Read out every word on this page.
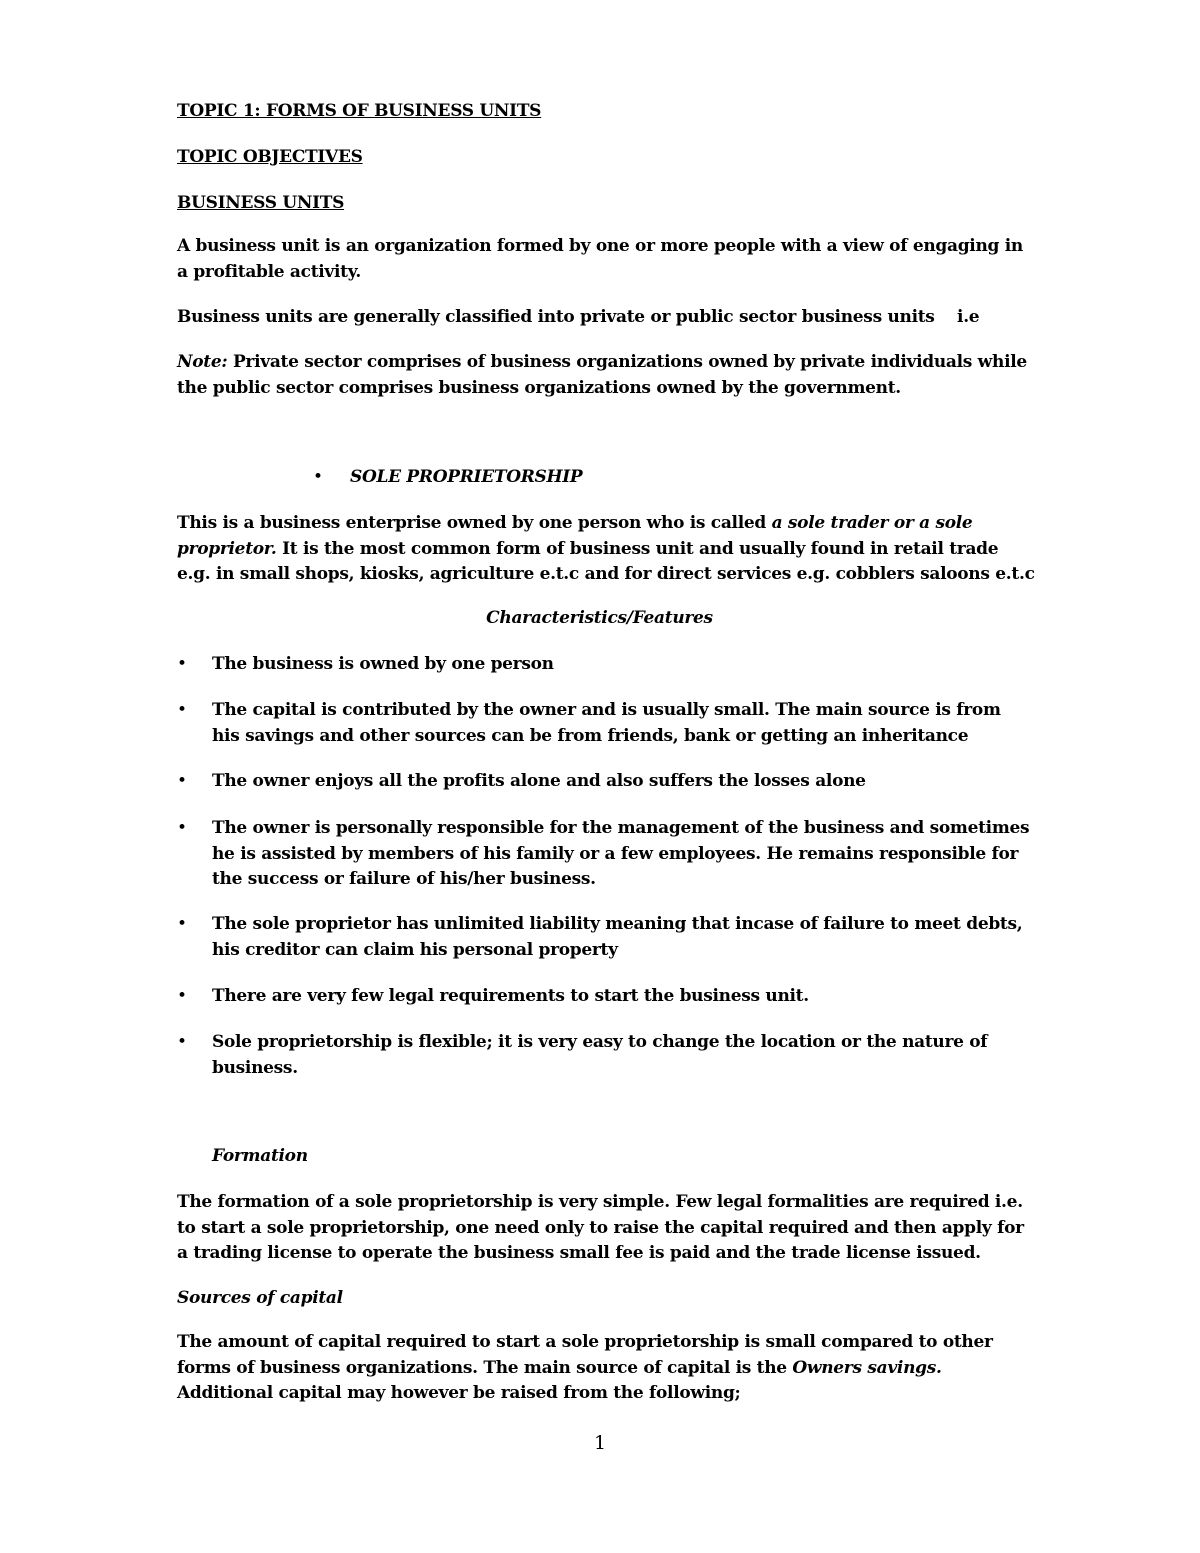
TOPIC 1: FORMS OF BUSINESS UNITS
TOPIC OBJECTIVES
BUSINESS UNITS
A business unit is an organization formed by one or more people with a view of engaging in a profitable activity.
Business units are generally classified into private or public sector business units    i.e
Note: Private sector comprises of business organizations owned by private individuals while the public sector comprises business organizations owned by the government.
• SOLE PROPRIETORSHIP
This is a business enterprise owned by one person who is called a sole trader or a sole proprietor. It is the most common form of business unit and usually found in retail trade e.g. in small shops, kiosks, agriculture e.t.c and for direct services e.g. cobblers saloons e.t.c
Characteristics/Features
• The business is owned by one person
• The capital is contributed by the owner and is usually small. The main source is from his savings and other sources can be from friends, bank or getting an inheritance
• The owner enjoys all the profits alone and also suffers the losses alone
• The owner is personally responsible for the management of the business and sometimes he is assisted by members of his family or a few employees. He remains responsible for the success or failure of his/her business.
• The sole proprietor has unlimited liability meaning that incase of failure to meet debts, his creditor can claim his personal property
• There are very few legal requirements to start the business unit.
• Sole proprietorship is flexible; it is very easy to change the location or the nature of business.
Formation
The formation of a sole proprietorship is very simple. Few legal formalities are required i.e. to start a sole proprietorship, one need only to raise the capital required and then apply for a trading license to operate the business small fee is paid and the trade license issued.
Sources of capital
The amount of capital required to start a sole proprietorship is small compared to other forms of business organizations. The main source of capital is the Owners savings.
Additional capital may however be raised from the following;
1
